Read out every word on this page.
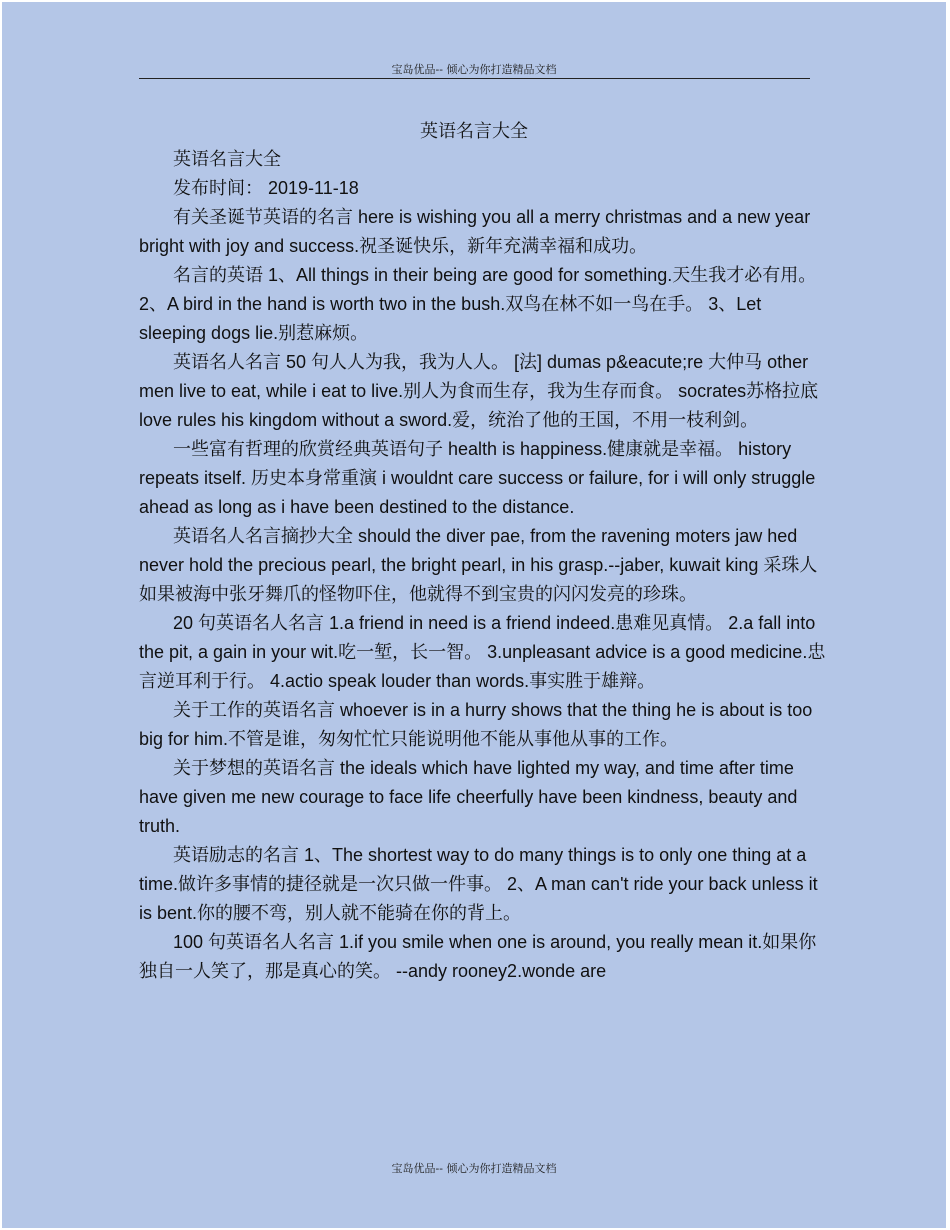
宝岛优品-- 倾心为你打造精品文档
英语名言大全

英语名言大全

发布时间： 2019-11-18

有关圣诞节英语的名言 here is wishing you all a merry christmas and a new year bright with joy and success.祝圣诞快乐，新年充满幸福和成功。

名言的英语 1、All things in their being are good for something.天生我才必有用。 2、A bird in the hand is worth two in the bush.双鸟在林不如一鸟在手。 3、Let sleeping dogs lie.别惹麻烦。

英语名人名言 50 句人人为我，我为人人。 [法] dumas p&eacute;re 大仲马 other men live to eat, while i eat to live.别人为食而生存，我为生存而食。 socrates苏格拉底 love rules his kingdom without a sword.爱，统治了他的王国，不用一枝利剑。

一些富有哲理的欣赏经典英语句子 health is happiness.健康就是幸福。 history repeats itself. 历史本身常重演 i wouldnt care success or failure, for i will only struggle ahead as long as i have been destined to the distance.

英语名人名言摘抄大全 should the diver pae, from the ravening moters jaw hed never hold the precious pearl, the bright pearl, in his grasp.--jaber, kuwait king 采珠人如果被海中张牙舞爪的怪物吓住，他就得不到宝贵的闪闪发亮的珍珠。

20 句英语名人名言 1.a friend in need is a friend indeed.患难见真情。 2.a fall into the pit, a gain in your wit.吃一堑，长一智。 3.unpleasant advice is a good medicine.忠言逆耳利于行。 4.actio speak louder than words.事实胜于雄辩。

关于工作的英语名言 whoever is in a hurry shows that the thing he is about is too big for him.不管是谁，匆匆忙忙只能说明他不能从事他从事的工作。

关于梦想的英语名言 the ideals which have lighted my way, and time after time have given me new courage to face life cheerfully have been kindness, beauty and truth.

英语励志的名言 1、The shortest way to do many things is to only one thing at a time.做许多事情的捷径就是一次只做一件事。 2、A man can't ride your back unless it is bent.你的腰不弯，别人就不能骑在你的背上。

100 句英语名人名言 1.if you smile when one is around, you really mean it.如果你独自一人笑了，那是真心的笑。 --andy rooney2.wonde are

宝岛优品-- 倾心为你打造精品文档
